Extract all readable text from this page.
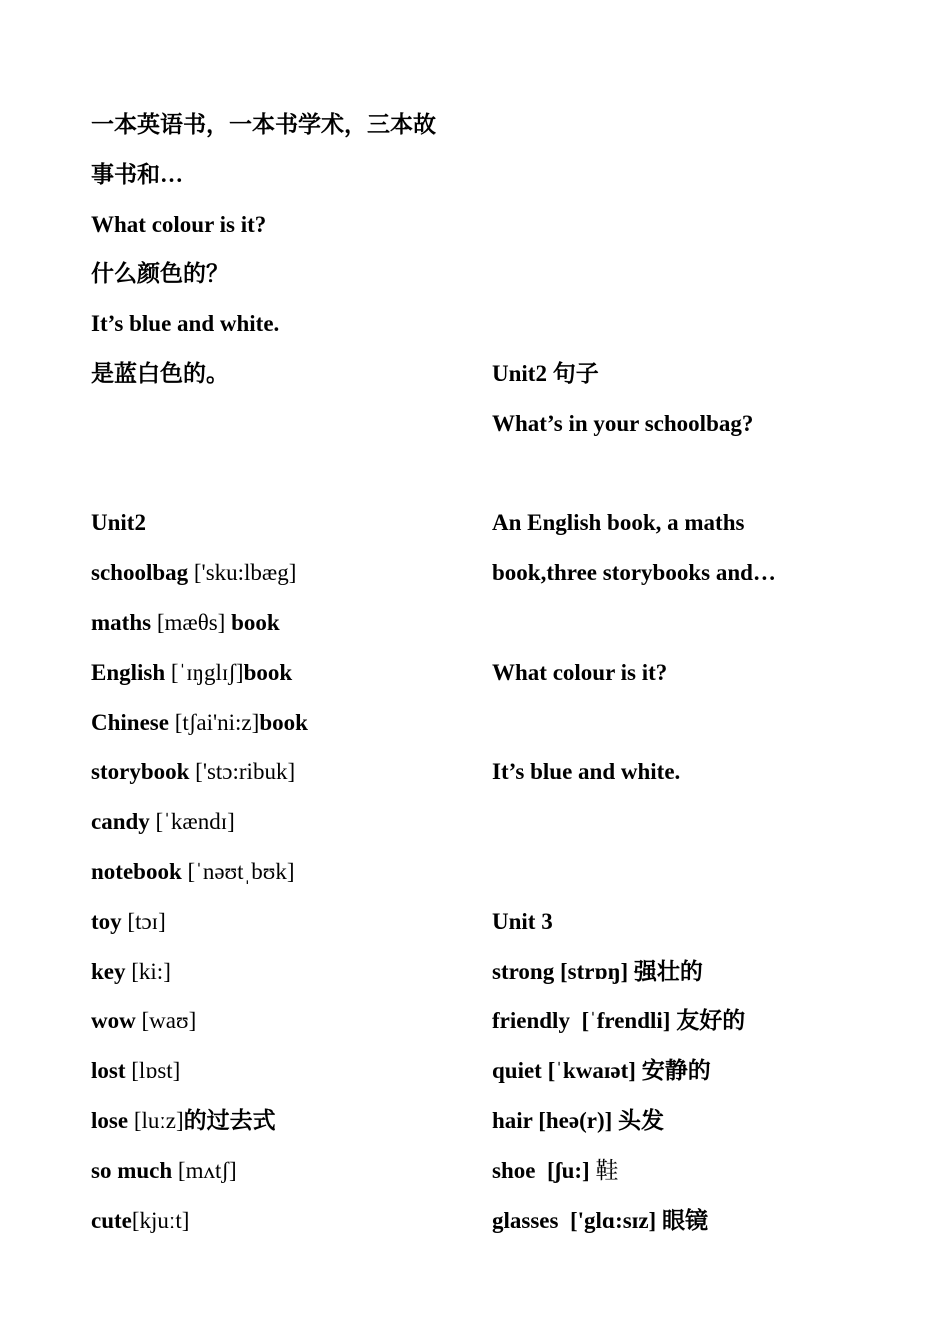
一本英语书，一本书学术，三本故
事书和…
What colour is it?
什么颜色的？
It’s blue and white.
是蓝白色的。
Unit2
schoolbag ['sku:lbæg]
maths [mæθs] book
English [ˈɪŋglɪʃ]book
Chinese [tʃai'ni:z]book
storybook ['stɔ:ribuk]
candy [ˈkændɪ]
notebook [ˈnəʊtˌbʊk]
toy [tɔɪ]
key [ki:]
wow [waʊ]
lost [lɒst]
lose [luːz]的过去式
so much [mʌtʃ]
cute[kjuːt]
Unit2 句子
What’s in your schoolbag?
An English book, a maths
book,three storybooks and…
What colour is it?
It’s blue and white.
Unit 3
strong [strɒŋ] 强壮的
friendly [ˈfrendli] 友好的
quiet [ˈkwaɪət] 安静的
hair [heə(r)] 头发
shoe [ʃu:] 鞋
glasses ['glɑ:sɪz] 眼镜
